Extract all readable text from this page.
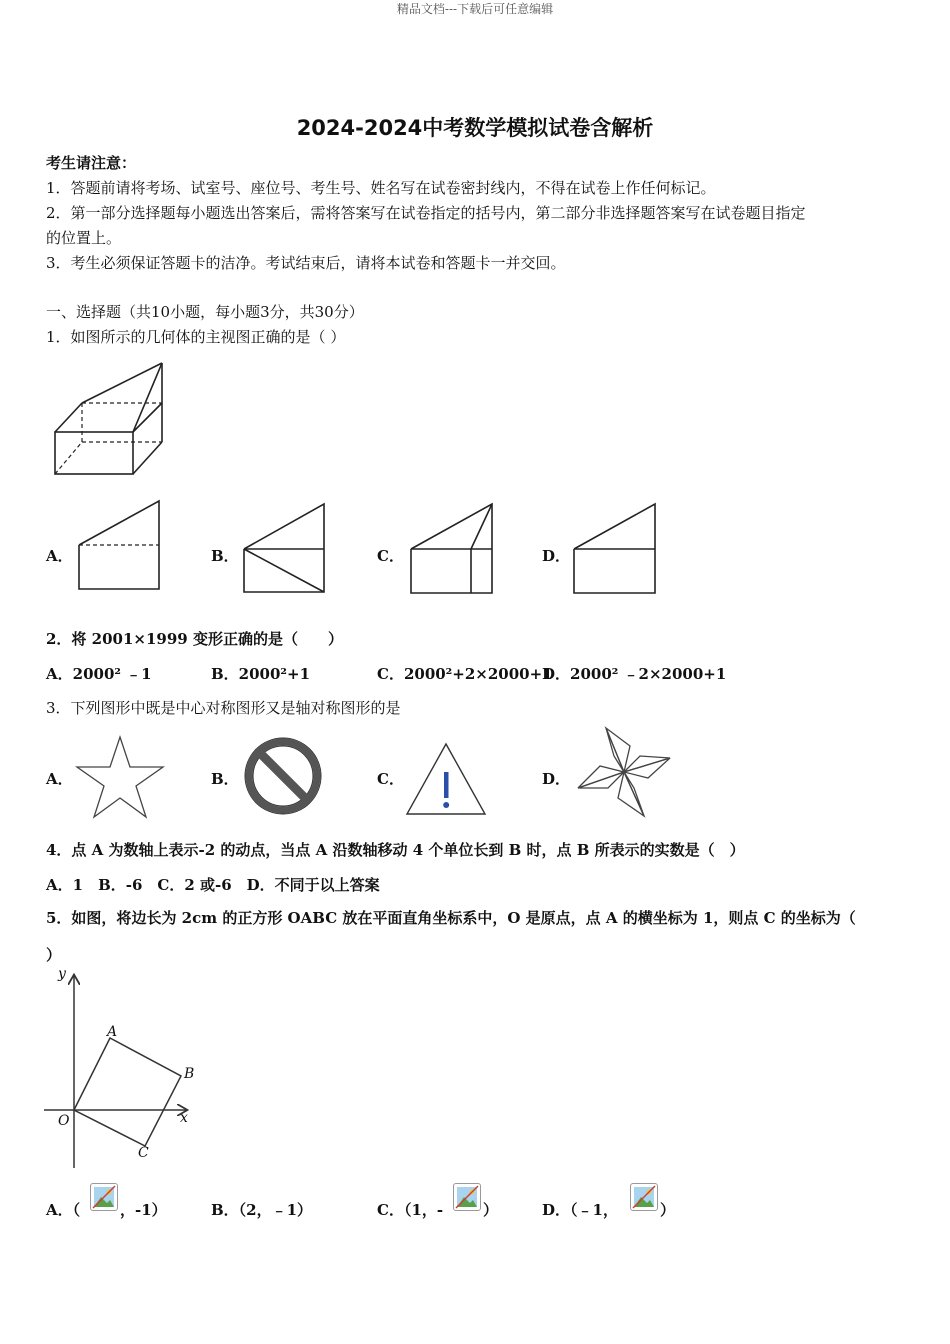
精品文档---下载后可任意编辑
2024-2024中考数学模拟试卷含解析
考生请注意：
1．答题前请将考场、试室号、座位号、考生号、姓名写在试卷密封线内，不得在试卷上作任何标记。
2．第一部分选择题每小题选出答案后，需将答案写在试卷指定的括号内，第二部分非选择题答案写在试卷题目指定
的位置上。
3．考生必须保证答题卡的洁净。考试结束后，请将本试卷和答题卡一并交回。
一、选择题（共10小题，每小题3分，共30分）
1．如图所示的几何体的主视图正确的是（ ）
A．	B．	C．	D．
2．将 2001×1999 变形正确的是（　　）
A．2000² ﹣1	B．2000²+1	C．2000²+2×2000+1
D．2000² ﹣2×2000+1
3．下列图形中既是中心对称图形又是轴对称图形的是
A．	B．	C．	D．
4．点 A 为数轴上表示-2 的动点，当点 A 沿数轴移动 4 个单位长到 B 时，点 B 所表示的实数是（　）
A．1　B．-6　C．2 或-6　D．不同于以上答案
5．如图，将边长为 2cm 的正方形 OABC 放在平面直角坐标系中，O 是原点，点 A 的横坐标为 1，则点 C 的坐标为（
）
y
x
O
A
B
C
A．（	，-1）	B．（2，﹣1）	C．（1，-	）	D．（﹣1，	）
